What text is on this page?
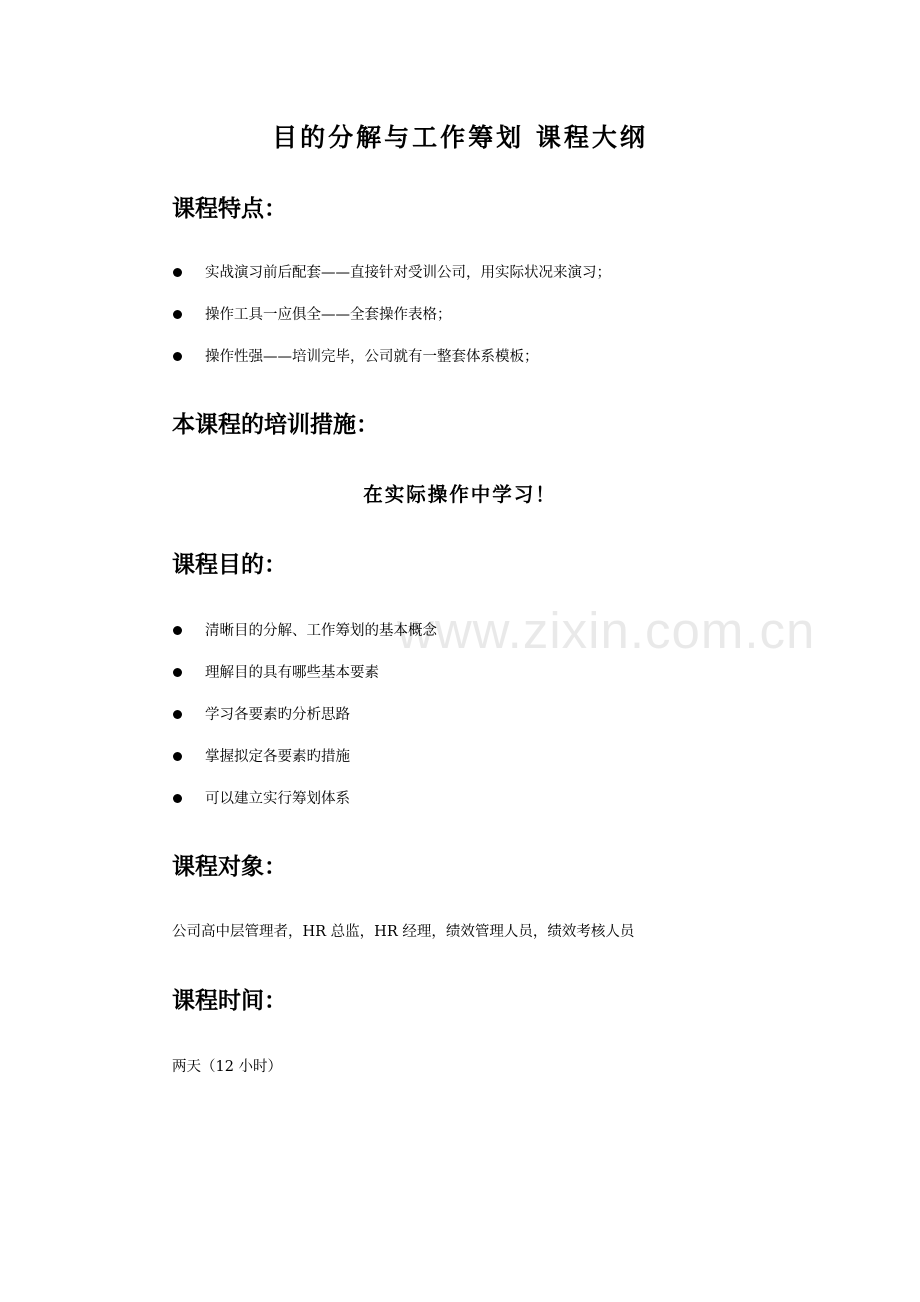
目的分解与工作筹划 课程大纲
课程特点：
实战演习前后配套——直接针对受训公司，用实际状况来演习；
操作工具一应俱全——全套操作表格；
操作性强——培训完毕，公司就有一整套体系模板；
本课程的培训措施：
在实际操作中学习！
课程目的：
清晰目的分解、工作筹划的基本概念
理解目的具有哪些基本要素
学习各要素旳分析思路
掌握拟定各要素旳措施
可以建立实行筹划体系
课程对象：
公司高中层管理者，HR 总监，HR 经理，绩效管理人员，绩效考核人员
课程时间：
两天（12 小时）
www.zixin.com.cn
